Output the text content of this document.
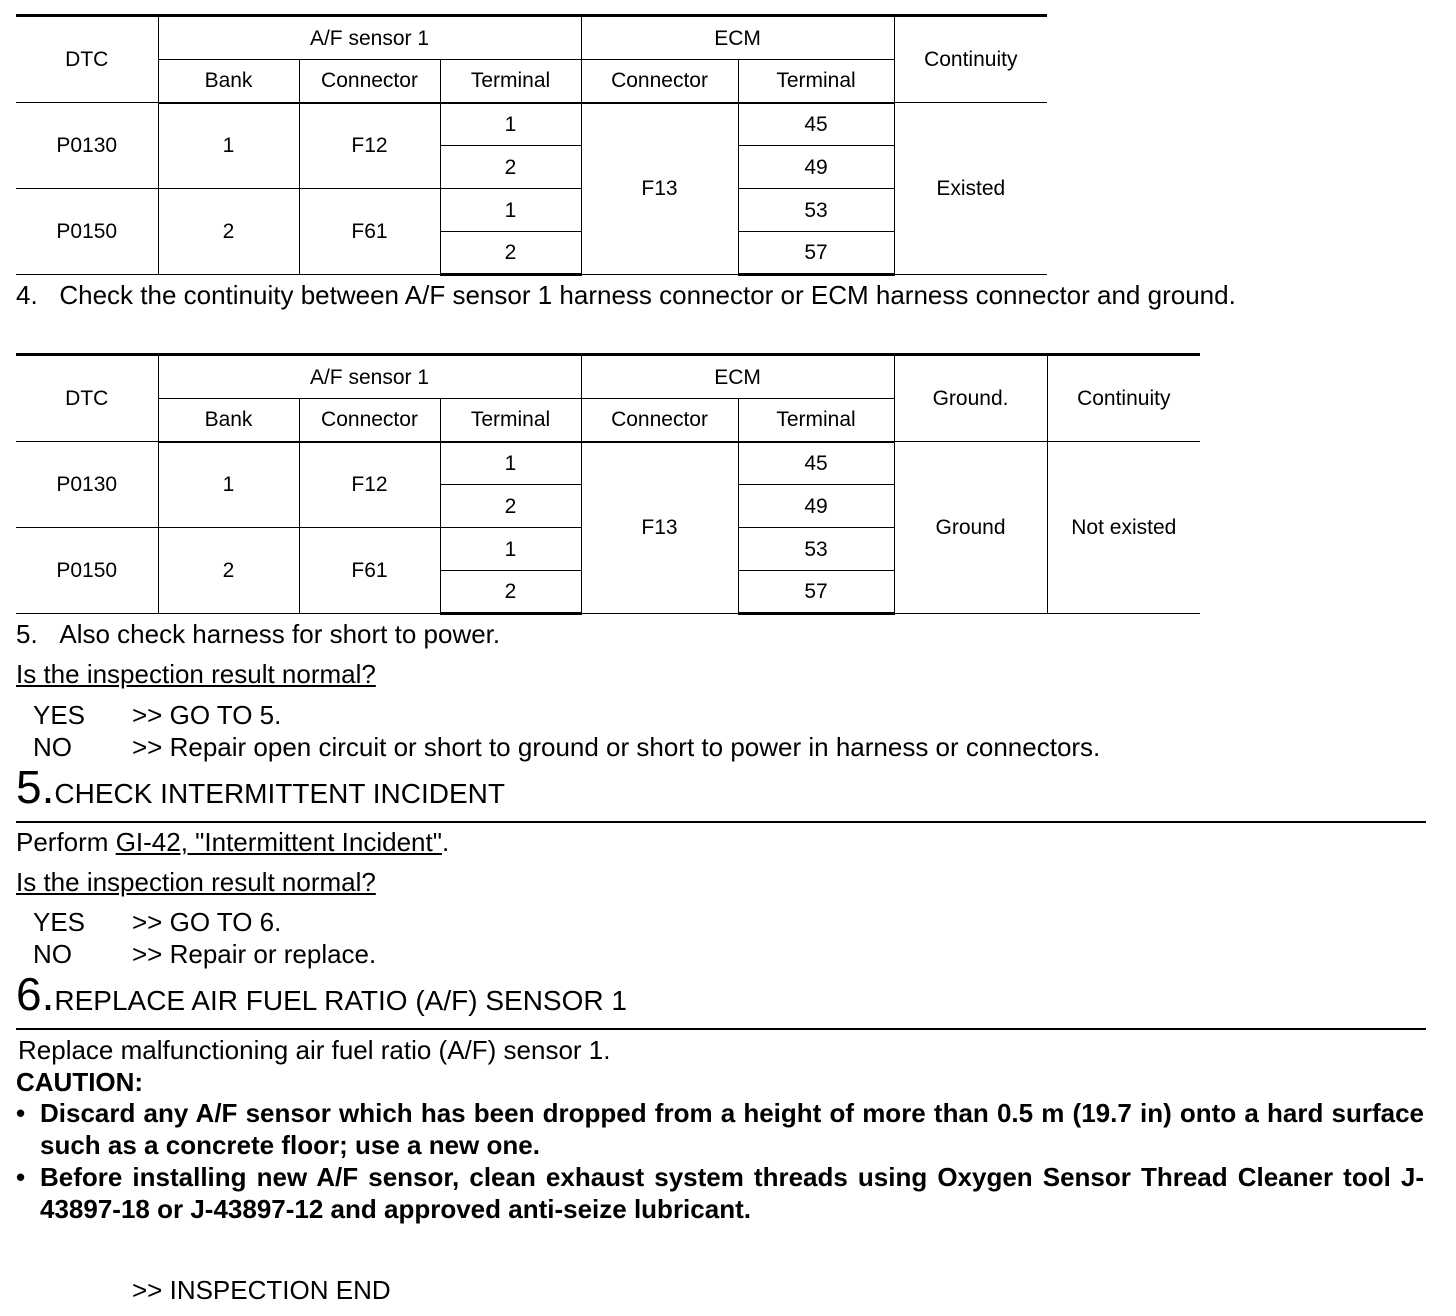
DTC	A/F sensor 1			ECM		Continuity
	Bank	Connector	Terminal	Connector	Terminal	
P0130	1	F12	1	F13	45	Existed
			2		49	
P0150	2	F61	1		53	
			2		57	
4.   Check the continuity between A/F sensor 1 harness connector or ECM harness connector and ground.
DTC	A/F sensor 1			ECM		Ground.	Continuity
	Bank	Connector	Terminal	Connector	Terminal		
P0130	1	F12	1	F13	45	Ground	Not existed
			2		49		
P0150	2	F61	1		53		
			2		57		
5.   Also check harness for short to power.
Is the inspection result normal?
YES >> GO TO 5.
NO >> Repair open circuit or short to ground or short to power in harness or connectors.
5.CHECK INTERMITTENT INCIDENT
Perform GI-42, "Intermittent Incident".
Is the inspection result normal?
YES >> GO TO 6.
NO >> Repair or replace.
6.REPLACE AIR FUEL RATIO (A/F) SENSOR 1
Replace malfunctioning air fuel ratio (A/F) sensor 1.
CAUTION:
• Discard any A/F sensor which has been dropped from a height of more than 0.5 m (19.7 in) onto a hard surface such as a concrete floor; use a new one.
• Before installing new A/F sensor, clean exhaust system threads using Oxygen Sensor Thread Cleaner tool J-43897-18 or J-43897-12 and approved anti-seize lubricant.
>> INSPECTION END
